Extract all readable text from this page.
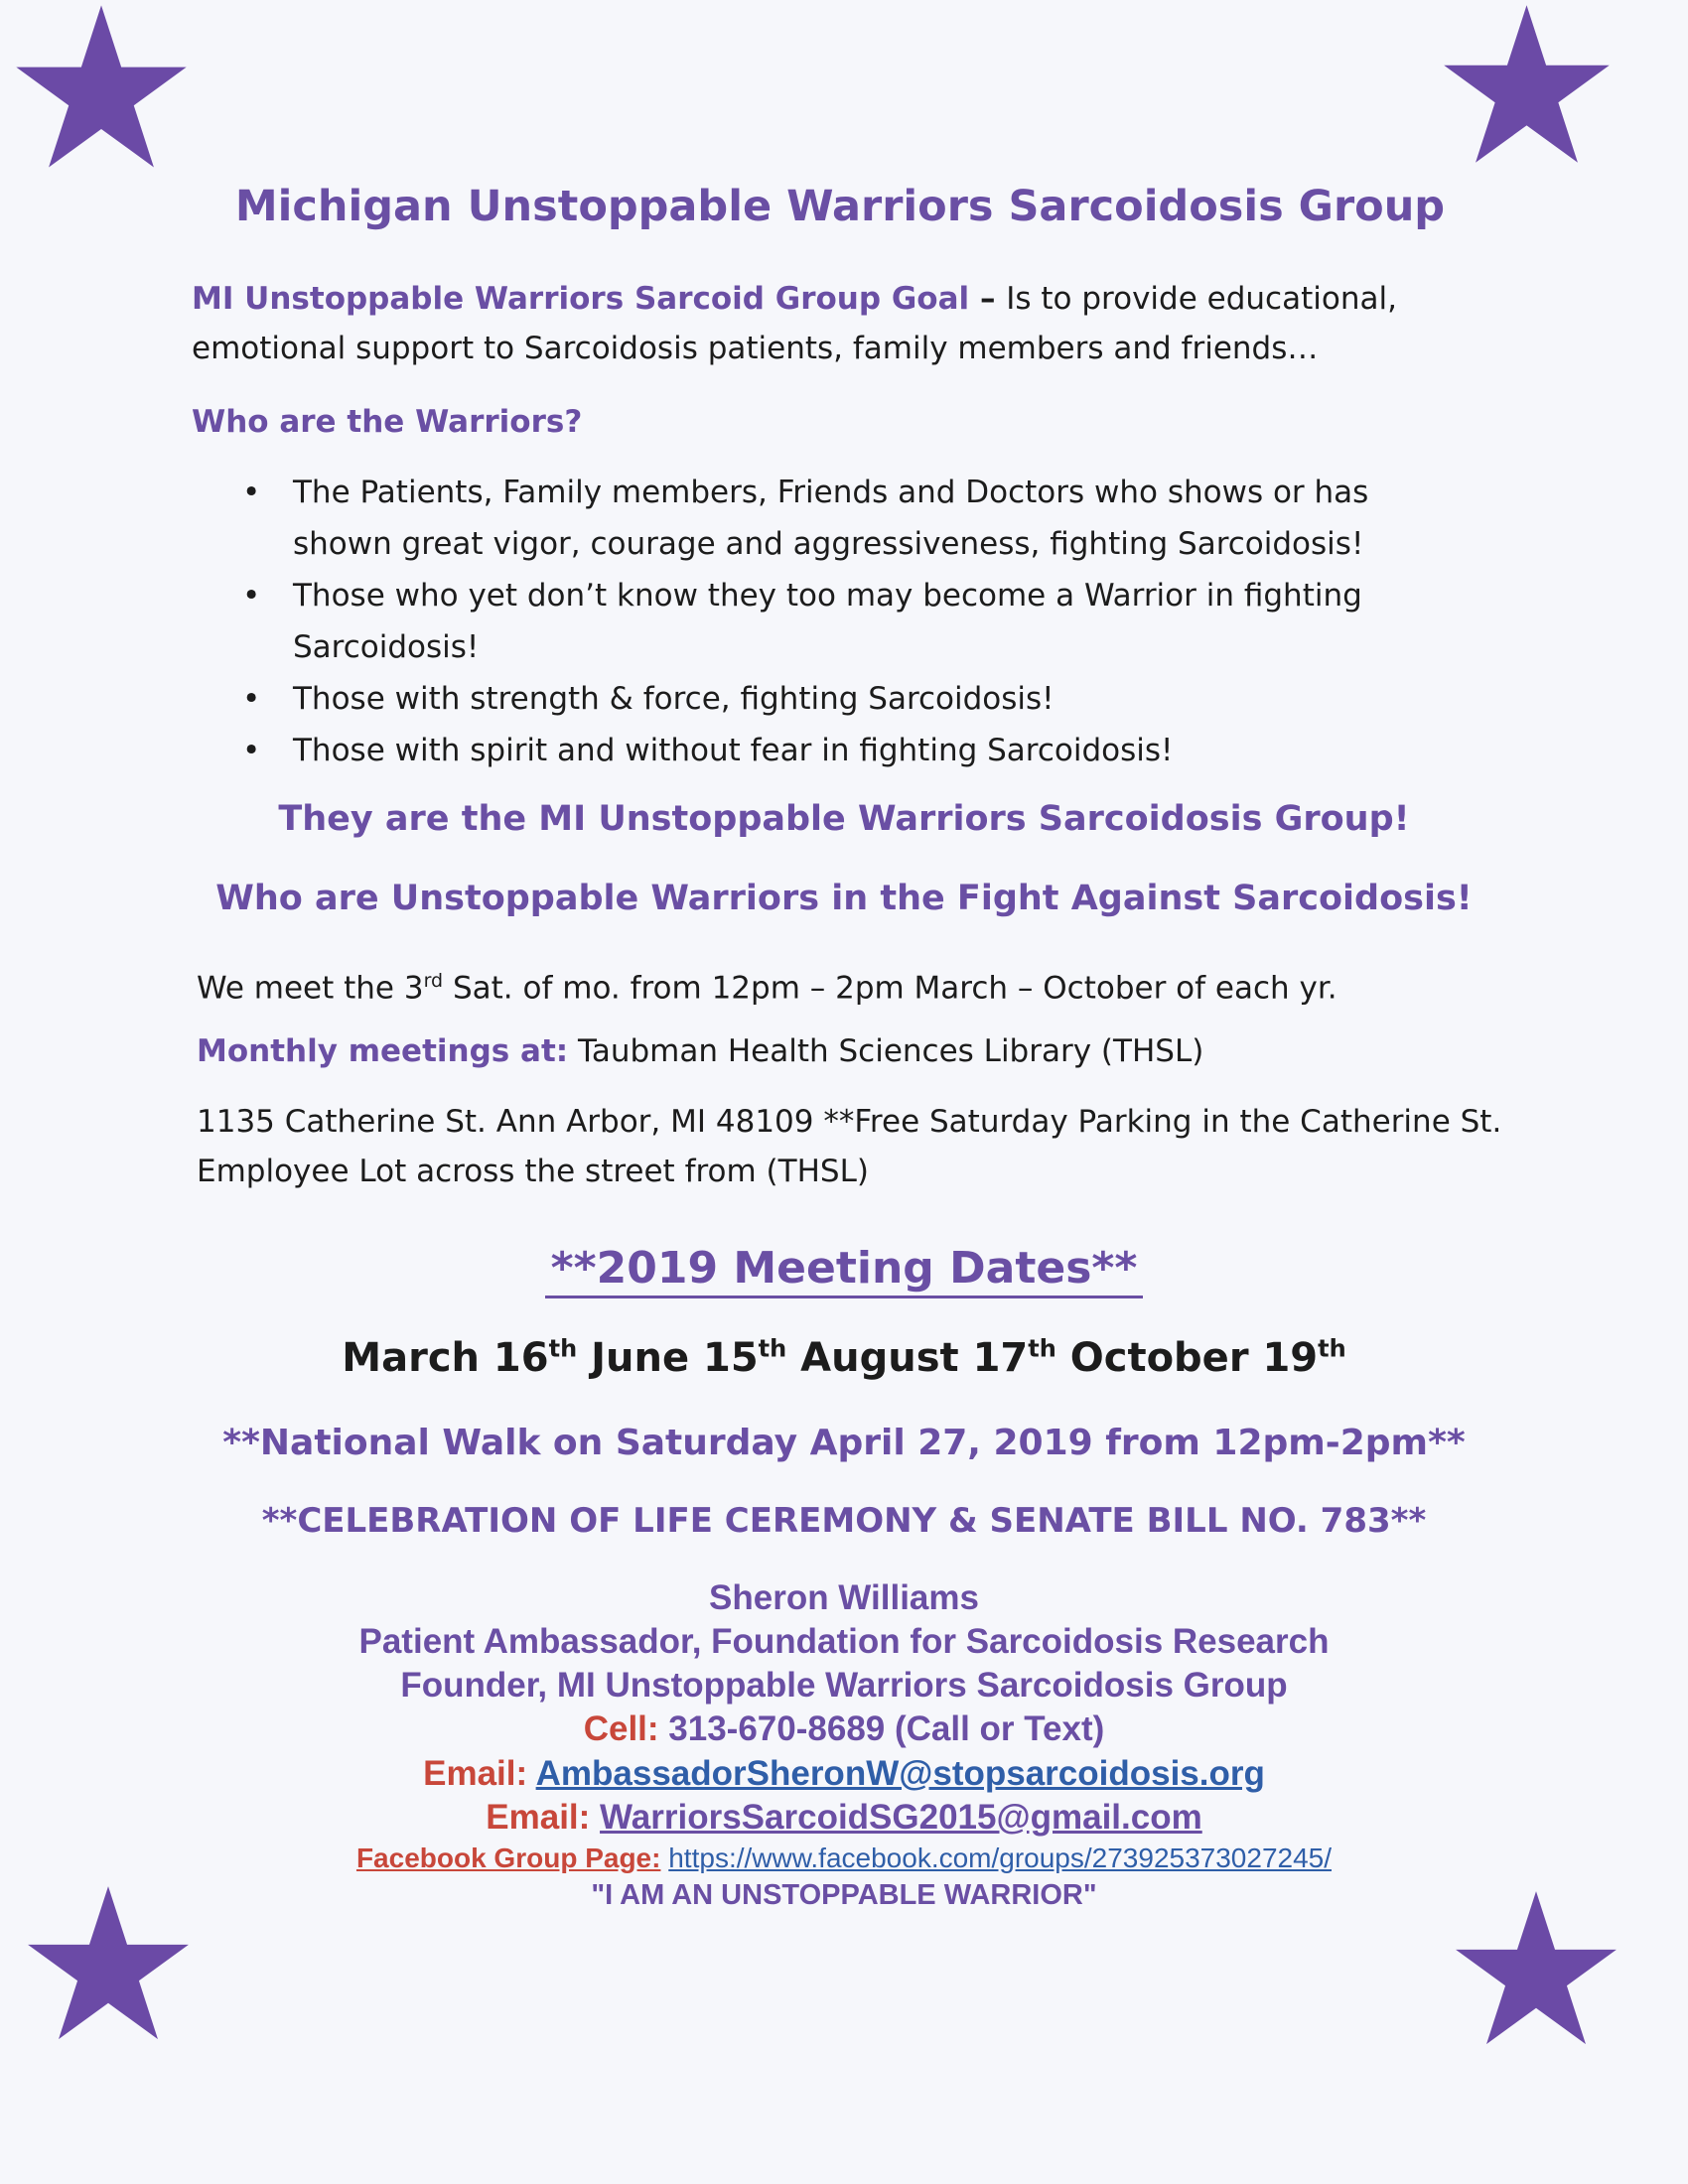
Michigan Unstoppable Warriors Sarcoidosis Group
MI Unstoppable Warriors Sarcoid Group Goal – Is to provide educational, emotional support to Sarcoidosis patients, family members and friends…
Who are the Warriors?
• The Patients, Family members, Friends and Doctors who shows or has shown great vigor, courage and aggressiveness, fighting Sarcoidosis!
• Those who yet don’t know they too may become a Warrior in fighting Sarcoidosis!
• Those with strength & force, fighting Sarcoidosis!
• Those with spirit and without fear in fighting Sarcoidosis!
They are the MI Unstoppable Warriors Sarcoidosis Group!
Who are Unstoppable Warriors in the Fight Against Sarcoidosis!
We meet the 3rd Sat. of mo. from 12pm – 2pm March – October of each yr.
Monthly meetings at: Taubman Health Sciences Library (THSL)
1135 Catherine St. Ann Arbor, MI 48109 **Free Saturday Parking in the Catherine St. Employee Lot across the street from (THSL)
**2019 Meeting Dates**
March 16th June 15th August 17th October 19th
**National Walk on Saturday April 27, 2019 from 12pm-2pm**
**CELEBRATION OF LIFE CEREMONY & SENATE BILL NO. 783**
Sheron Williams
Patient Ambassador, Foundation for Sarcoidosis Research
Founder, MI Unstoppable Warriors Sarcoidosis Group
Cell: 313-670-8689 (Call or Text)
Email: AmbassadorSheronW@stopsarcoidosis.org
Email: WarriorsSarcoidSG2015@gmail.com
Facebook Group Page: https://www.facebook.com/groups/273925373027245/
"I AM AN UNSTOPPABLE WARRIOR"
